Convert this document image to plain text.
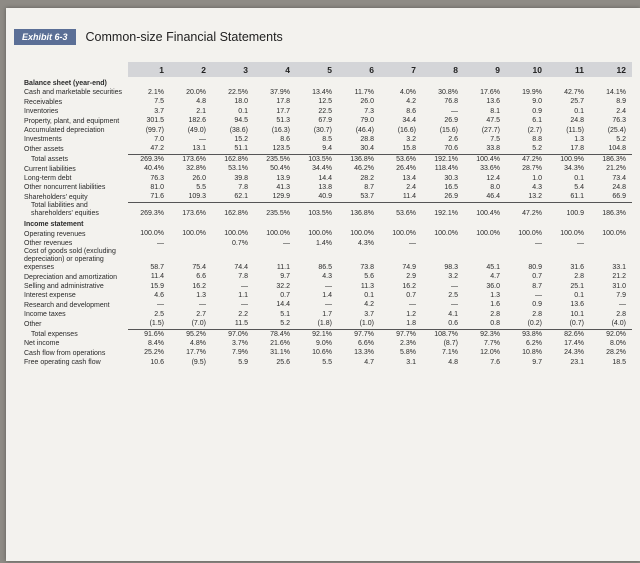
Exhibit 6-3	Common-size Financial Statements
	1	2	3	4	5	6	7	8	9	10	11	12
Balance sheet (year-end)												
Cash and marketable securities	2.1%	20.0%	22.5%	37.9%	13.4%	11.7%	4.0%	30.8%	17.6%	19.9%	42.7%	14.1%
Receivables	7.5	4.8	18.0	17.8	12.5	26.0	4.2	76.8	13.6	9.0	25.7	8.9
Inventories	3.7	2.1	0.1	17.7	22.5	7.3	8.6	—	8.1	0.9	0.1	2.4
Property, plant, and equipment	301.5	182.6	94.5	51.3	67.9	79.0	34.4	26.9	47.5	6.1	24.8	76.3
Accumulated depreciation	(99.7)	(49.0)	(38.6)	(16.3)	(30.7)	(46.4)	(16.6)	(15.6)	(27.7)	(2.7)	(11.5)	(25.4)
Investments	7.0	—	15.2	8.6	8.5	28.8	3.2	2.6	7.5	8.8	1.3	5.2
Other assets	47.2	13.1	51.1	123.5	9.4	30.4	15.8	70.6	33.8	5.2	17.8	104.8
Total assets	269.3%	173.6%	162.8%	235.5%	103.5%	136.8%	53.6%	192.1%	100.4%	47.2%	100.9%	186.3%
Current liabilities	40.4%	32.8%	53.1%	50.4%	34.4%	46.2%	26.4%	118.4%	33.6%	28.7%	34.3%	21.2%
Long-term debt	76.3	26.0	39.8	13.9	14.4	28.2	13.4	30.3	12.4	1.0	0.1	73.4
Other noncurrent liabilities	81.0	5.5	7.8	41.3	13.8	8.7	2.4	16.5	8.0	4.3	5.4	24.8
Shareholders' equity	71.6	109.3	62.1	129.9	40.9	53.7	11.4	26.9	46.4	13.2	61.1	66.9
Total liabilities and shareholders' equities	269.3%	173.6%	162.8%	235.5%	103.5%	136.8%	53.6%	192.1%	100.4%	47.2%	100.9	186.3%
Income statement												
Operating revenues	100.0%	100.0%	100.0%	100.0%	100.0%	100.0%	100.0%	100.0%	100.0%	100.0%	100.0%	100.0%
Other revenues	—		0.7%	—	1.4%	4.3%	—			—	—	
Cost of goods sold (excluding depreciation) or operating expenses	58.7	75.4	74.4	11.1	86.5	73.8	74.9	98.3	45.1	80.9	31.6	33.1
Depreciation and amortization	11.4	6.6	7.8	9.7	4.3	5.6	2.9	3.2	4.7	0.7	2.8	21.2
Selling and administrative	15.9	16.2	—	32.2	—	11.3	16.2	—	36.0	8.7	25.1	31.0
Interest expense	4.6	1.3	1.1	0.7	1.4	0.1	0.7	2.5	1.3	—	0.1	7.9
Research and development	—	—	—	14.4	—	4.2	—	—	1.6	0.9	13.6	—
Income taxes	2.5	2.7	2.2	5.1	1.7	3.7	1.2	4.1	2.8	2.8	10.1	2.8
Other	(1.5)	(7.0)	11.5	5.2	(1.8)	(1.0)	1.8	0.6	0.8	(0.2)	(0.7)	(4.0)
Total expenses	91.6%	95.2%	97.0%	78.4%	92.1%	97.7%	97.7%	108.7%	92.3%	93.8%	82.6%	92.0%
Net income	8.4%	4.8%	3.7%	21.6%	9.0%	6.6%	2.3%	(8.7)	7.7%	6.2%	17.4%	8.0%
Cash flow from operations	25.2%	17.7%	7.9%	31.1%	10.6%	13.3%	5.8%	7.1%	12.0%	10.8%	24.3%	28.2%
Free operating cash flow	10.6	(9.5)	5.9	25.6	5.5	4.7	3.1	4.8	7.6	9.7	23.1	18.5
